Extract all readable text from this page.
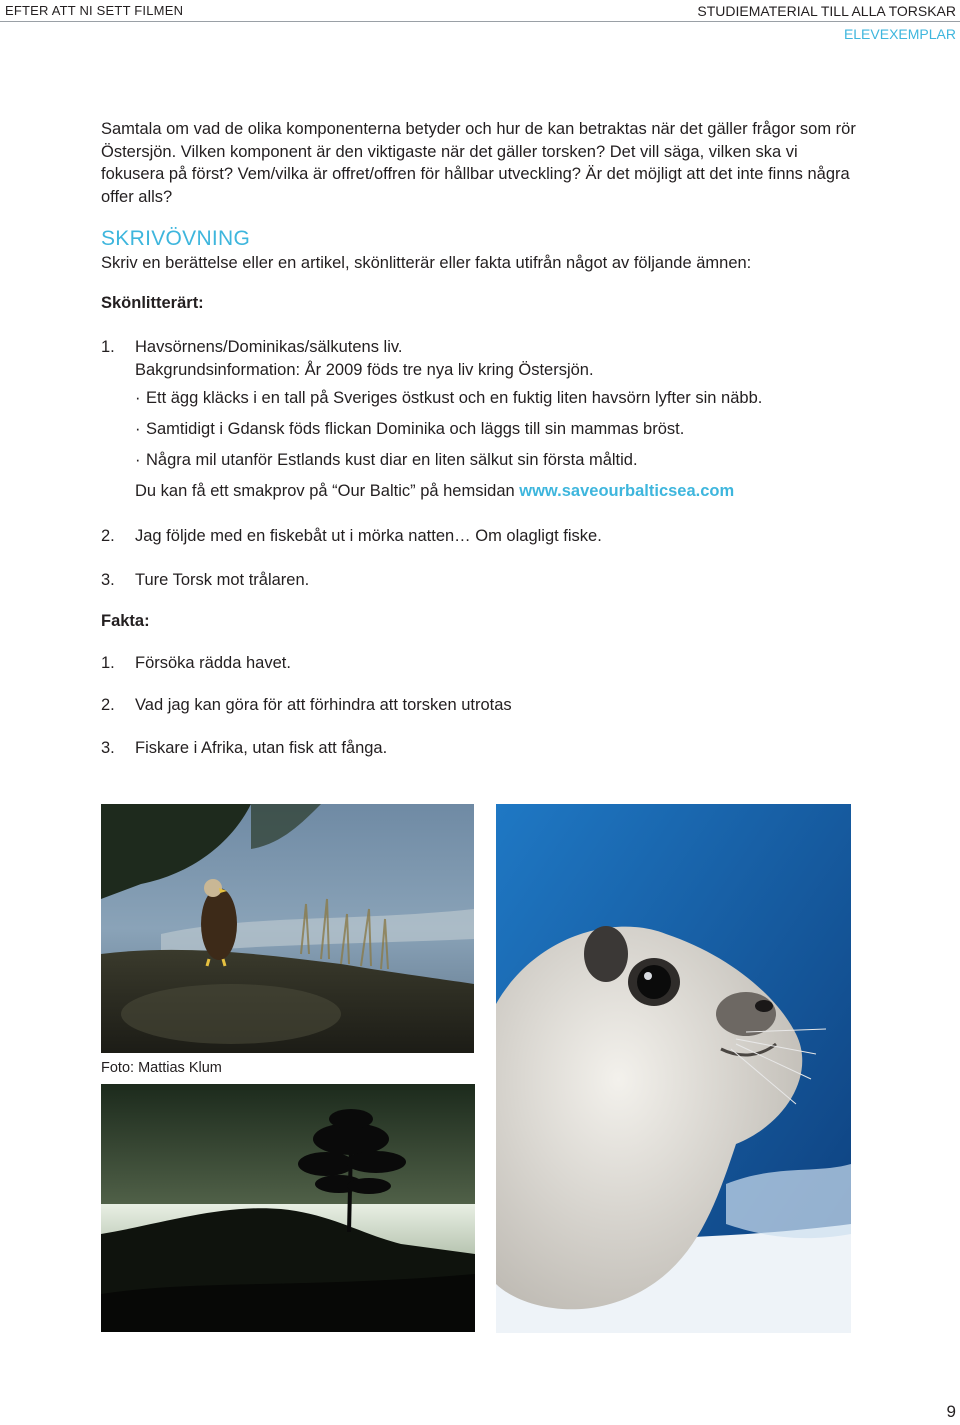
EFTER ATT NI SETT FILMEN	STUDIEMATERIAL TILL ALLA TORSKAR
ELEVEXEMPLAR

Samtala om vad de olika komponenterna betyder och hur de kan betraktas när det gäller frågor som rör Östersjön. Vilken komponent är den viktigaste när det gäller torsken? Det vill säga, vilken ska vi fokusera på först? Vem/vilka är offret/offren för hållbar utveckling? Är det möjligt att det inte finns några offer alls?

SKRIVÖVNING

Skriv en berättelse eller en artikel, skönlitterär eller fakta utifrån något av följande ämnen:

Skönlitterärt:
1.	Havsörnens/Dominikas/sälkutens liv.
Bakgrundsinformation: År 2009 föds tre nya liv kring Östersjön.
· Ett ägg kläcks i en tall på Sveriges östkust och en fuktig liten havsörn lyfter sin näbb.
· Samtidigt i Gdansk föds flickan Dominika och läggs till sin mammas bröst.
· Några mil utanför Estlands kust diar en liten sälkut sin första måltid.
Du kan få ett smakprov på “Our Baltic” på hemsidan www.saveourbalticsea.com
2.	Jag följde med en fiskebåt ut i mörka natten… Om olagligt fiske.
3.	Ture Torsk mot trålaren.
Fakta:
1.	Försöka rädda havet.
2.	Vad jag kan göra för att förhindra att torsken utrotas
3.	Fiskare i Afrika, utan fisk att fånga.
Foto: Mattias Klum
9
